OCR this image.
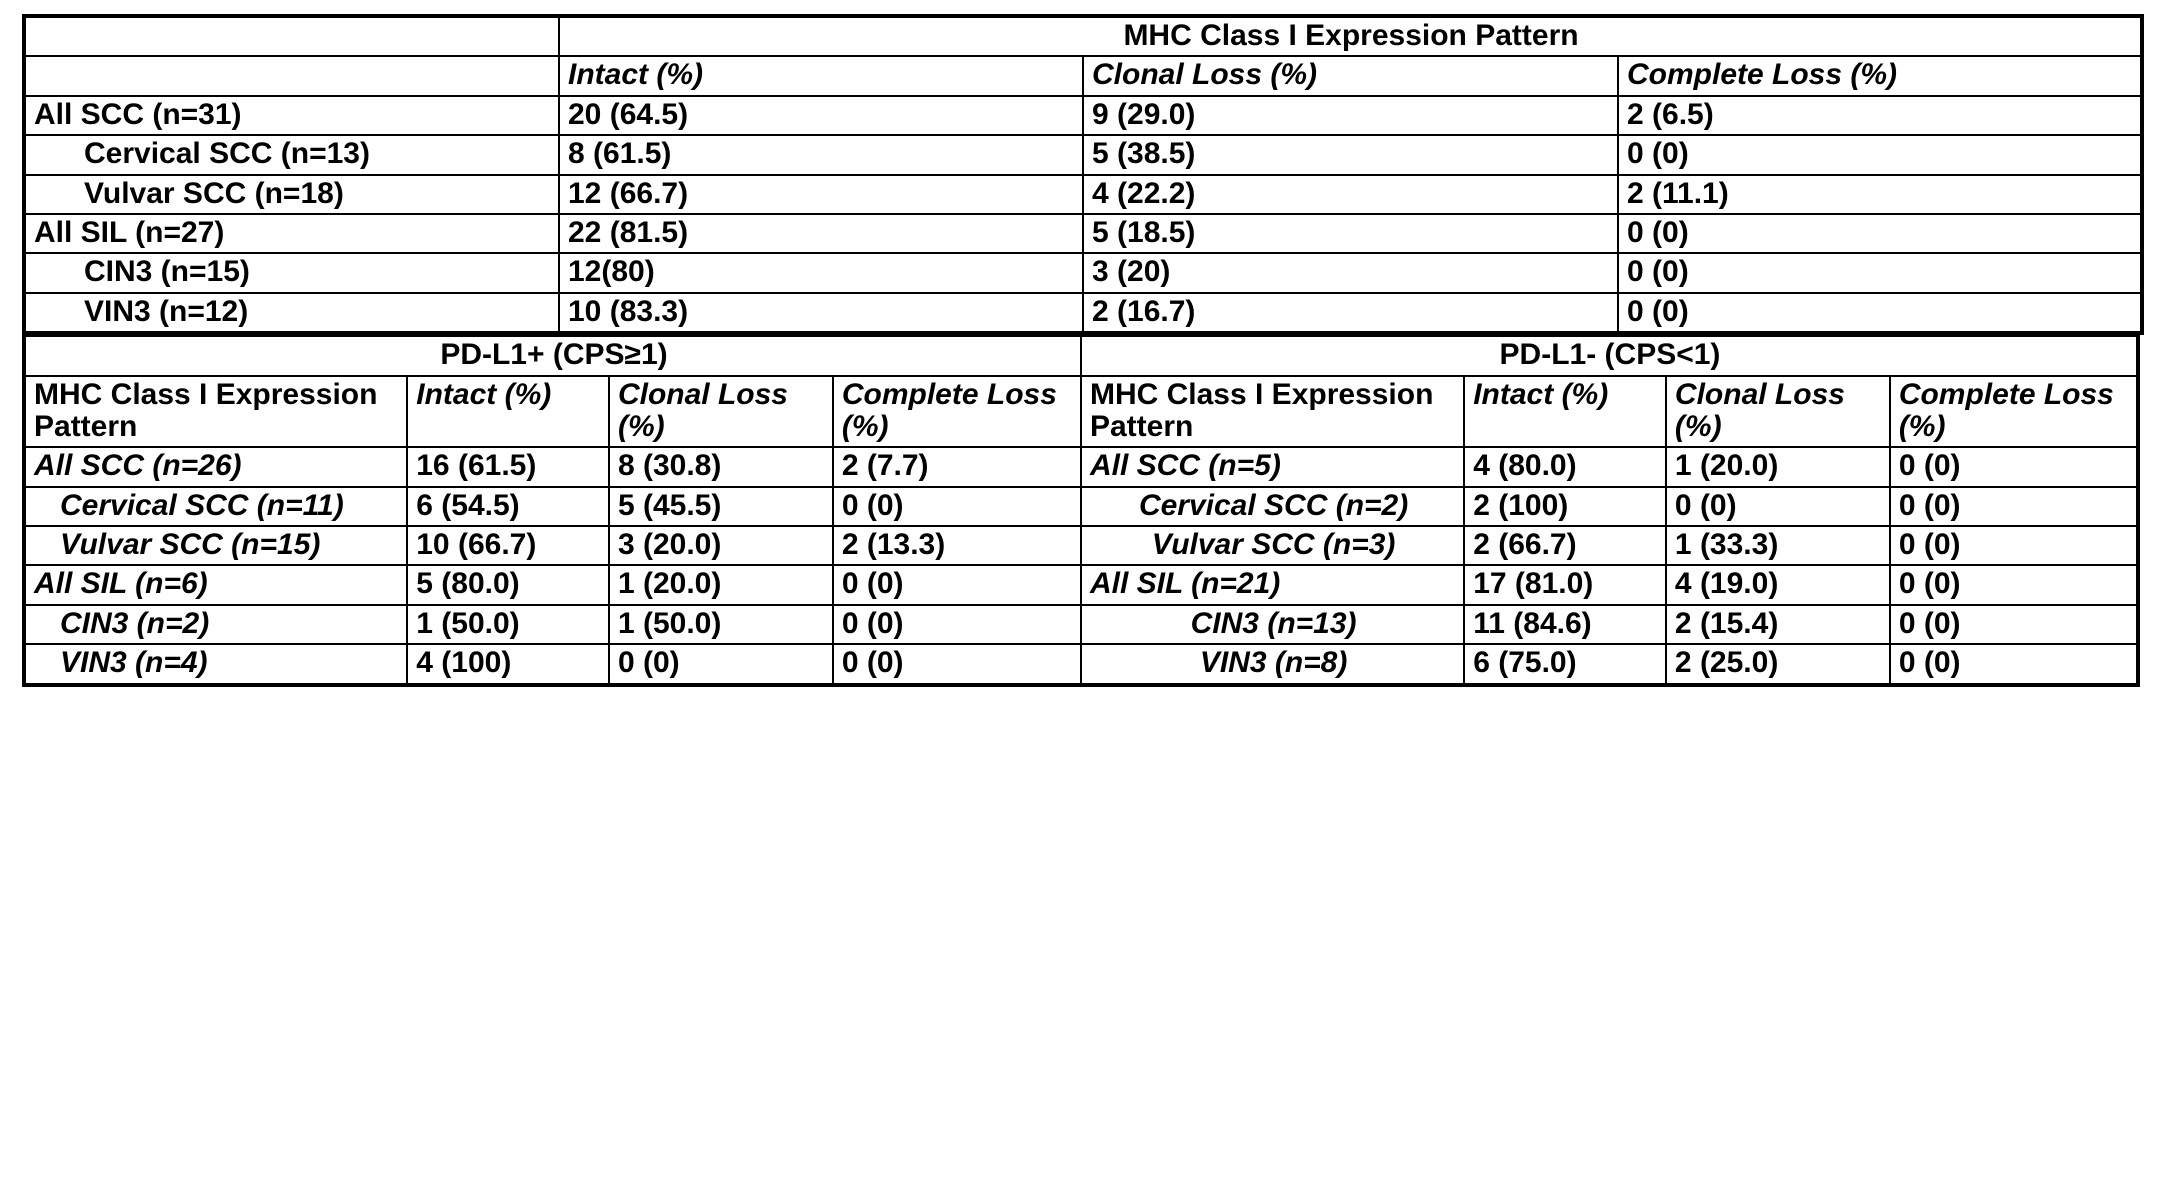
	MHC Class I Expression Pattern		
	Intact (%)	Clonal Loss (%)	Complete Loss (%)
All SCC (n=31)	20 (64.5)	9 (29.0)	2 (6.5)
Cervical SCC (n=13)	8 (61.5)	5 (38.5)	0 (0)
Vulvar SCC (n=18)	12 (66.7)	4 (22.2)	2 (11.1)
All SIL (n=27)	22 (81.5)	5 (18.5)	0 (0)
CIN3 (n=15)	12(80)	3 (20)	0 (0)
VIN3 (n=12)	10 (83.3)	2 (16.7)	0 (0)
PD-L1+ (CPS≥1)				PD-L1- (CPS<1)			
MHC Class I Expression Pattern	Intact (%)	Clonal Loss (%)	Complete Loss (%)	MHC Class I Expression Pattern	Intact (%)	Clonal Loss (%)	Complete Loss (%)
All SCC (n=26)	16 (61.5)	8 (30.8)	2 (7.7)	All SCC (n=5)	4 (80.0)	1 (20.0)	0 (0)
Cervical SCC (n=11)	6 (54.5)	5 (45.5)	0 (0)	Cervical SCC (n=2)	2 (100)	0 (0)	0 (0)
Vulvar SCC (n=15)	10 (66.7)	3 (20.0)	2 (13.3)	Vulvar SCC (n=3)	2 (66.7)	1 (33.3)	0 (0)
All SIL (n=6)	5 (80.0)	1 (20.0)	0 (0)	All SIL (n=21)	17 (81.0)	4 (19.0)	0 (0)
CIN3 (n=2)	1 (50.0)	1 (50.0)	0 (0)	CIN3 (n=13)	11 (84.6)	2 (15.4)	0 (0)
VIN3 (n=4)	4 (100)	0 (0)	0 (0)	VIN3 (n=8)	6 (75.0)	2 (25.0)	0 (0)
